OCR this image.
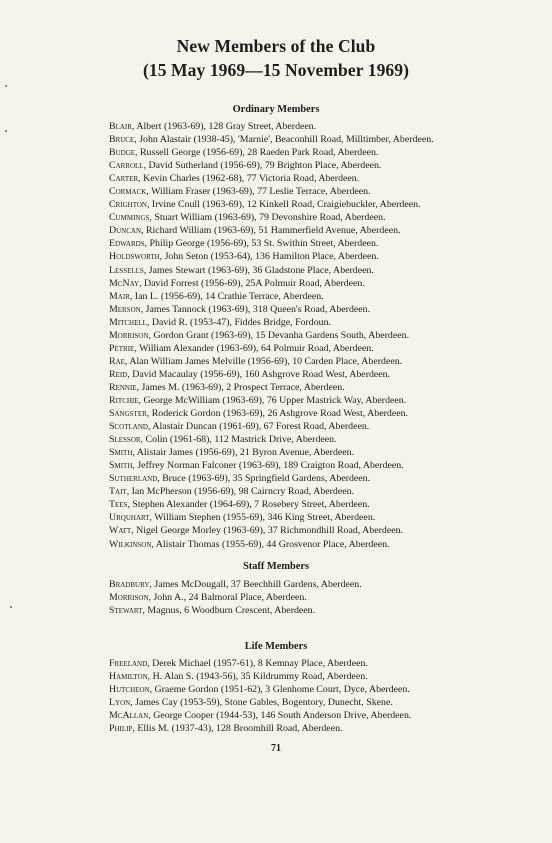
New Members of the Club
(15 May 1969—15 November 1969)
Ordinary Members
Blair, Albert (1963-69), 128 Gray Street, Aberdeen.
Bruce, John Alastair (1938-45), 'Marnie', Beaconhill Road, Milltimber, Aberdeen.
Budge, Russell George (1956-69), 28 Raeden Park Road, Aberdeen.
Carroll, David Sutherland (1956-69), 79 Brighton Place, Aberdeen.
Carter, Kevin Charles (1962-68), 77 Victoria Road, Aberdeen.
Cormack, William Fraser (1963-69), 77 Leslie Terrace, Aberdeen.
Crighton, Irvine Coull (1963-69), 12 Kinkell Road, Craigiebuckler, Aberdeen.
Cummings, Stuart William (1963-69), 79 Devonshire Road, Aberdeen.
Duncan, Richard William (1963-69), 51 Hammerfield Avenue, Aberdeen.
Edwards, Philip George (1956-69), 53 St. Swithin Street, Aberdeen.
Holdsworth, John Seton (1953-64), 136 Hamilton Place, Aberdeen.
Lessells, James Stewart (1963-69), 36 Gladstone Place, Aberdeen.
McNay, David Forrest (1956-69), 25A Polmuir Road, Aberdeen.
Mair, Ian L. (1956-69), 14 Crathie Terrace, Aberdeen.
Merson, James Tannock (1963-69), 318 Queen's Road, Aberdeen.
Mitchell, David R. (1953-47), Fiddes Bridge, Fordoun.
Morrison, Gordon Grant (1963-69), 15 Devanha Gardens South, Aberdeen.
Petrie, William Alexander (1963-69), 64 Polmuir Road, Aberdeen.
Rae, Alan William James Melville (1956-69), 10 Carden Place, Aberdeen.
Reid, David Macaulay (1956-69), 160 Ashgrove Road West, Aberdeen.
Rennie, James M. (1963-69), 2 Prospect Terrace, Aberdeen.
Ritchie, George McWilliam (1963-69), 76 Upper Mastrick Way, Aberdeen.
Sangster, Roderick Gordon (1963-69), 26 Ashgrove Road West, Aberdeen.
Scotland, Alastair Duncan (1961-69), 67 Forest Road, Aberdeen.
Slessor, Colin (1961-68), 112 Mastrick Drive, Aberdeen.
Smith, Alistair James (1956-69), 21 Byron Avenue, Aberdeen.
Smith, Jeffrey Norman Falconer (1963-69), 189 Craigton Road, Aberdeen.
Sutherland, Bruce (1963-69), 35 Springfield Gardens, Aberdeen.
Tait, Ian McPherson (1956-69), 98 Cairncry Road, Aberdeen.
Tees, Stephen Alexander (1964-69), 7 Rosebery Street, Aberdeen.
Urquhart, William Stephen (1955-69), 346 King Street, Aberdeen.
Watt, Nigel George Morley (1963-69), 37 Richmondhill Road, Aberdeen.
Wilkinson, Alistair Thomas (1955-69), 44 Grosvenor Place, Aberdeen.
Staff Members
Bradbury, James McDougall, 37 Beechhill Gardens, Aberdeen.
Morrison, John A., 24 Balmoral Place, Aberdeen.
Stewart, Magnus, 6 Woodburn Crescent, Aberdeen.
Life Members
Freeland, Derek Michael (1957-61), 8 Kemnay Place, Aberdeen.
Hamilton, H. Alan S. (1943-56), 35 Kildrummy Road, Aberdeen.
Hutcheon, Graeme Gordon (1951-62), 3 Glenhome Court, Dyce, Aberdeen.
Lyon, James Cay (1953-59), Stone Gables, Bogentory, Dunecht, Skene.
McAllan, George Cooper (1944-53), 146 South Anderson Drive, Aberdeen.
Philip, Ellis M. (1937-43), 128 Broomhill Road, Aberdeen.
71
